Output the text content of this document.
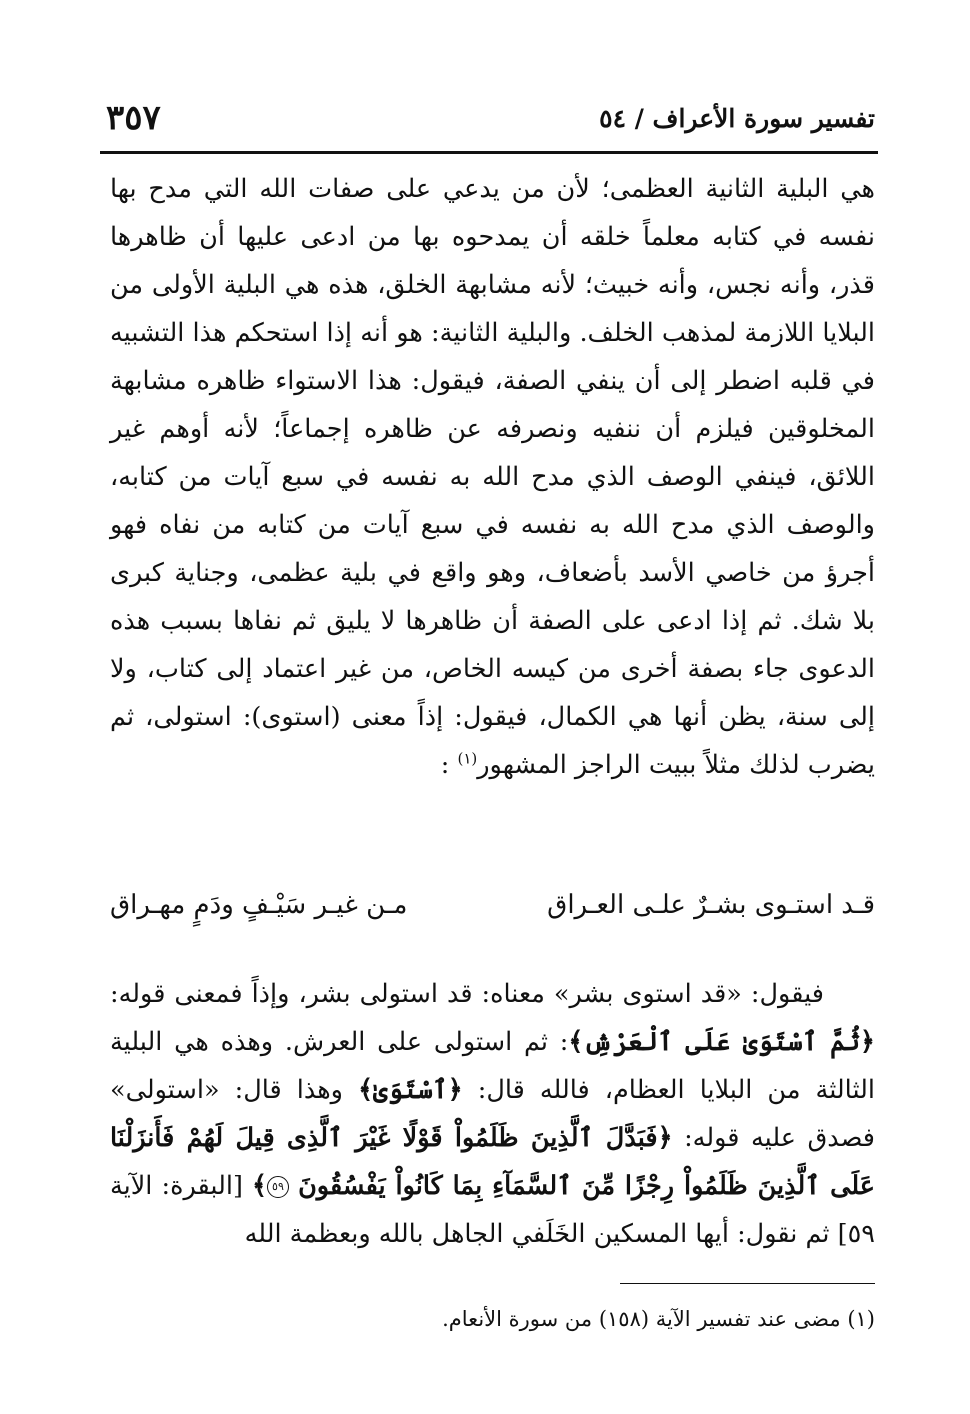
تفسير سورة الأعراف / ٥٤
٣٥٧

هي البلية الثانية العظمى؛ لأن من يدعي على صفات الله التي مدح بها نفسه في كتابه معلماً خلقه أن يمدحوه بها من ادعى عليها أن ظاهرها قذر، وأنه نجس، وأنه خبيث؛ لأنه مشابهة الخلق، هذه هي البلية الأولى من البلايا اللازمة لمذهب الخلف. والبلية الثانية: هو أنه إذا استحكم هذا التشبيه في قلبه اضطر إلى أن ينفي الصفة، فيقول: هذا الاستواء ظاهره مشابهة المخلوقين فيلزم أن ننفيه ونصرفه عن ظاهره إجماعاً؛ لأنه أوهم غير اللائق، فينفي الوصف الذي مدح الله به نفسه في سبع آيات من كتابه، والوصف الذي مدح الله به نفسه في سبع آيات من كتابه من نفاه فهو أجرؤ من خاصي الأسد بأضعاف، وهو واقع في بلية عظمى، وجناية كبرى بلا شك. ثم إذا ادعى على الصفة أن ظاهرها لا يليق ثم نفاها بسبب هذه الدعوى جاء بصفة أخرى من كيسه الخاص، من غير اعتماد إلى كتاب، ولا إلى سنة، يظن أنها هي الكمال، فيقول: إذاً معنى (استوى): استولى، ثم يضرب لذلك مثلاً ببيت الراجز المشهور$^{(١)}$ :

قـد استـوى بشـرٌ علـى العـراق
مـن غيـر سَيْـفٍ ودَمٍ مهـراق

  فيقول: «قد استوى بشر» معناه: قد استولى بشر، وإذاً فمعنى قوله: ﴿ثُمَّ ٱسْتَوَىٰ عَلَى ٱلْعَرْشِ﴾: ثم استولى على العرش. وهذه هي البلية الثالثة من البلايا العظام، فالله قال: ﴿ٱسْتَوَىٰ﴾ وهذا قال: «استولى» فصدق عليه قوله: ﴿فَبَدَّلَ ٱلَّذِينَ ظَلَمُواْ قَوْلًا غَيْرَ ٱلَّذِى قِيلَ لَهُمْ فَأَنزَلْنَا عَلَى ٱلَّذِينَ ظَلَمُواْ رِجْزًا مِّنَ ٱلسَّمَآءِ بِمَا كَانُواْ يَفْسُقُونَ ٥٩﴾ [البقرة: الآية ٥٩] ثم نقول: أيها المسكين الخَلَفي الجاهل بالله وبعظمة الله

(١) مضى عند تفسير الآية (١٥٨) من سورة الأنعام.
